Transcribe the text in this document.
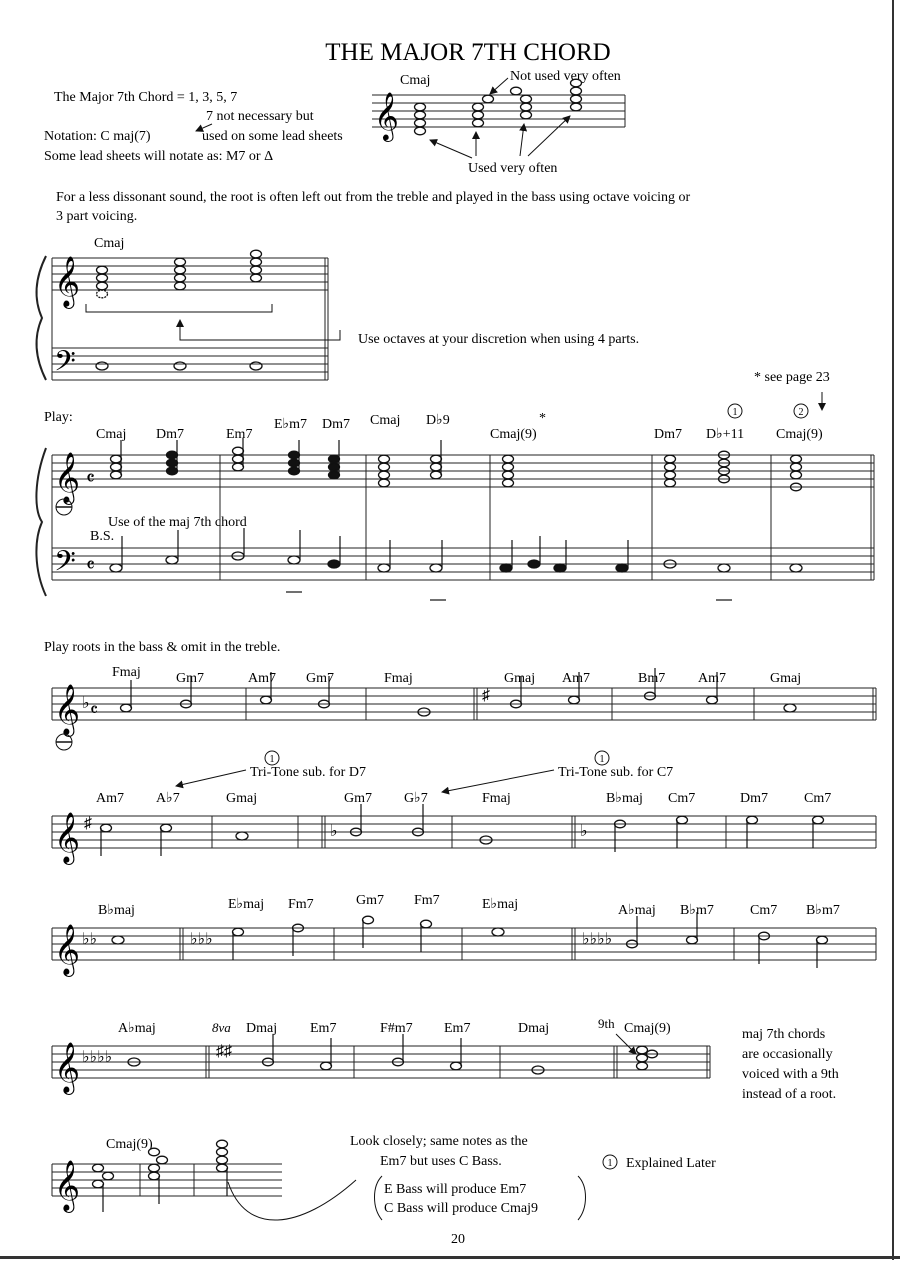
THE MAJOR 7TH CHORD
The Major 7th Chord = 1, 3, 5, 7
7 not necessary but
Notation: C maj(7)	used on some lead sheets
Some lead sheets will notate as: M7 or Δ
𝄞
Cmaj	Not used very often
Used very often
For a less dissonant sound, the root is often left out from the treble and played in the bass using octave voicing or
3 part voicing.
𝄞
𝄢
Cmaj
Use octaves at your discretion when using 4 parts.
Play:
* see page 23
*	1	2
Cmaj Dm7	Em7
E♭m7 Dm7 Cmaj D♭9
Cmaj(9)	Dm7 D♭+11 Cmaj(9)
𝄞 𝄴
𝄢 𝄴
Use of the maj 7th chord
B.S.
Play roots in the bass & omit in the treble.
𝄞 ♭ 𝄴
♯
Fmaj	Gm7	Am7 Gm7	Fmaj	Gmaj Am7	Bm7 Am7	Gmaj
1	1
Tri-Tone sub. for D7	Tri-Tone sub. for C7
𝄞 ♯	♭	♭
Am7 A♭7	Gmaj	Gm7 G♭7	Fmaj	B♭maj Cm7	Dm7	Cm7
𝄞 ♭♭	♭♭♭	♭♭♭♭
B♭maj	E♭maj Fm7	Gm7 Fm7	E♭maj	A♭maj B♭m7	Cm7 B♭m7
𝄞 ♭♭♭♭	♯♯
A♭maj	Dmaj Em7	F#m7 Em7	Dmaj	Cmaj(9)
8va	9th
maj 7th chords
are occasionally
voiced with a 9th
instead of a root.
Cmaj(9)
𝄞
Look closely; same notes as the
Em7 but uses C Bass.
E Bass will produce Em7
C Bass will produce Cmaj9
1 Explained Later
20
